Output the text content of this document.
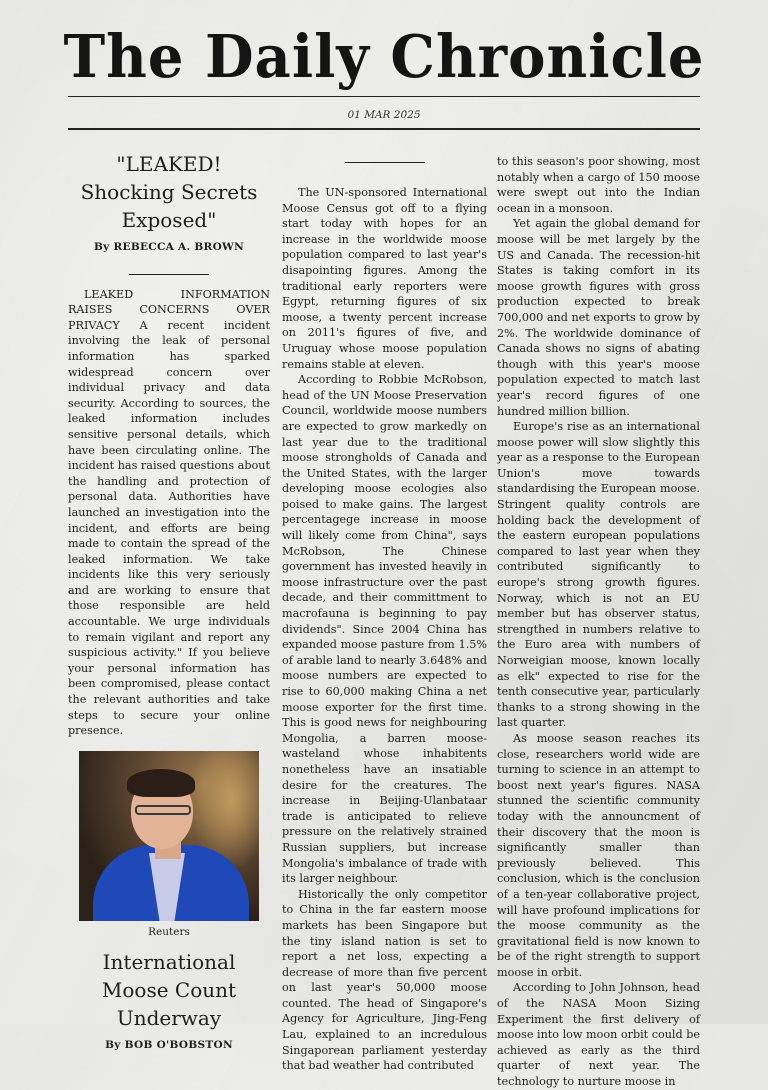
The Daily Chronicle
01 MAR 2025
"LEAKED! Shocking Secrets Exposed"
By REBECCA A. BROWN

LEAKED INFORMATION RAISES CONCERNS OVER PRIVACY A recent incident involving the leak of personal information has sparked widespread concern over individual privacy and data security. According to sources, the leaked information includes sensitive personal details, which have been circulating online. The incident has raised questions about the handling and protection of personal data. Authorities have launched an investigation into the incident, and efforts are being made to contain the spread of the leaked information. We take incidents like this very seriously and are working to ensure that those responsible are held accountable. We urge individuals to remain vigilant and report any suspicious activity." If you believe your personal information has been compromised, please contact the relevant authorities and take steps to secure your online presence.

Reuters
International Moose Count Underway
By BOB O'BOBSTON

The UN-sponsored International Moose Census got off to a flying start today with hopes for an increase in the worldwide moose population compared to last year's disapointing figures. Among the traditional early reporters were Egypt, returning figures of six moose, a twenty percent increase on 2011's figures of five, and Uruguay whose moose population remains stable at eleven.

According to Robbie McRobson, head of the UN Moose Preservation Council, worldwide moose numbers are expected to grow markedly on last year due to the traditional moose strongholds of Canada and the United States, with the larger developing moose ecologies also poised to make gains. The largest percentagege increase in moose will likely come from China", says McRobson, The Chinese government has invested heavily in moose infrastructure over the past decade, and their committment to macrofauna is beginning to pay dividends". Since 2004 China has expanded moose pasture from 1.5% of arable land to nearly 3.648% and moose numbers are expected to rise to 60,000 making China a net moose exporter for the first time. This is good news for neighbouring Mongolia, a barren moose-wasteland whose inhabitents nonetheless have an insatiable desire for the creatures. The increase in Beijing-Ulanbataar trade is anticipated to relieve pressure on the relatively strained Russian suppliers, but increase Mongolia's imbalance of trade with its larger neighbour.

Historically the only competitor to China in the far eastern moose markets has been Singapore but the tiny island nation is set to report a net loss, expecting a decrease of more than five percent on last year's 50,000 moose counted. The head of Singapore's Agency for Agriculture, Jing-Feng Lau, explained to an incredulous Singaporean parliament yesterday that bad weather had contributed

to this season's poor showing, most notably when a cargo of 150 moose were swept out into the Indian ocean in a monsoon.

Yet again the global demand for moose will be met largely by the US and Canada. The recession-hit States is taking comfort in its moose growth figures with gross production expected to break 700,000 and net exports to grow by 2%. The worldwide dominance of Canada shows no signs of abating though with this year's moose population expected to match last year's record figures of one hundred million billion.

Europe's rise as an international moose power will slow slightly this year as a response to the European Union's move towards standardising the European moose. Stringent quality controls are holding back the development of the eastern european populations compared to last year when they contributed significantly to europe's strong growth figures. Norway, which is not an EU member but has observer status, strengthed in numbers relative to the Euro area with numbers of Norweigian moose, known locally as elk" expected to rise for the tenth consecutive year, particularly thanks to a strong showing in the last quarter.

As moose season reaches its close, researchers world wide are turning to science in an attempt to boost next year's figures. NASA stunned the scientific community today with the announcment of their discovery that the moon is significantly smaller than previously believed. This conclusion, which is the conclusion of a ten-year collaborative project, will have profound implications for the moose community as the gravitational field is now known to be of the right strength to support moose in orbit.

According to John Johnson, head of the NASA Moon Sizing Experiment the first delivery of moose into low moon orbit could be achieved as early as the third quarter of next year. The technology to nurture moose in
